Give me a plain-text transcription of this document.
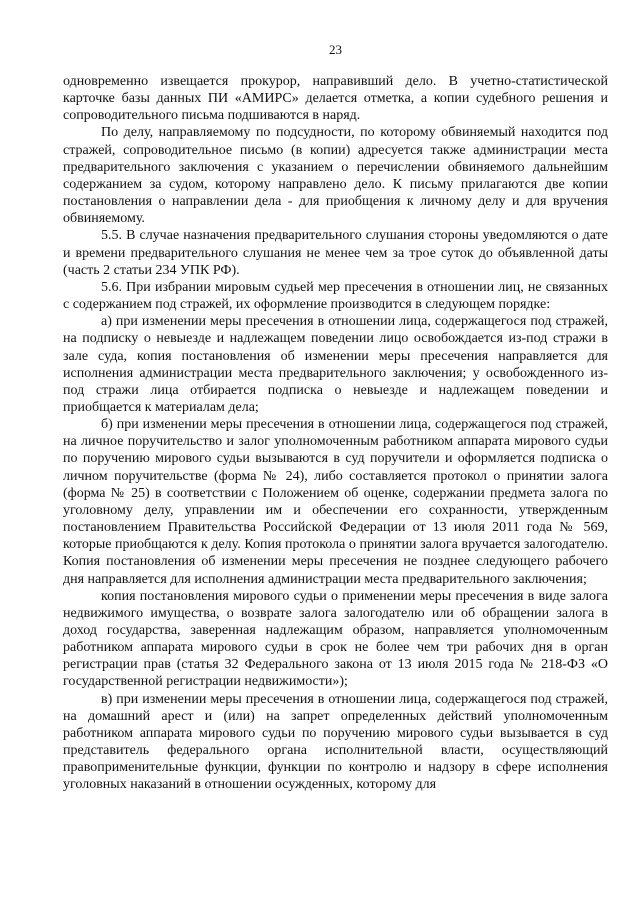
23

одновременно извещается прокурор, направивший дело. В учетно-статистической карточке базы данных ПИ «АМИРС» делается отметка, а копии судебного решения и сопроводительного письма подшиваются в наряд.

По делу, направляемому по подсудности, по которому обвиняемый находится под стражей, сопроводительное письмо (в копии) адресуется также администрации места предварительного заключения с указанием о перечислении обвиняемого дальнейшим содержанием за судом, которому направлено дело. К письму прилагаются две копии постановления о направлении дела - для приобщения к личному делу и для вручения обвиняемому.

5.5. В случае назначения предварительного слушания стороны уведомляются о дате и времени предварительного слушания не менее чем за трое суток до объявленной даты (часть 2 статьи 234 УПК РФ).

5.6. При избрании мировым судьей мер пресечения в отношении лиц, не связанных с содержанием под стражей, их оформление производится в следующем порядке:

а) при изменении меры пресечения в отношении лица, содержащегося под стражей, на подписку о невыезде и надлежащем поведении лицо освобождается из-под стражи в зале суда, копия постановления об изменении меры пресечения направляется для исполнения администрации места предварительного заключения; у освобожденного из-под стражи лица отбирается подписка о невыезде и надлежащем поведении и приобщается к материалам дела;

б) при изменении меры пресечения в отношении лица, содержащегося под стражей, на личное поручительство и залог уполномоченным работником аппарата мирового судьи по поручению мирового судьи вызываются в суд поручители и оформляется подписка о личном поручительстве (форма № 24), либо составляется протокол о принятии залога (форма № 25) в соответствии с Положением об оценке, содержании предмета залога по уголовному делу, управлении им и обеспечении его сохранности, утвержденным постановлением Правительства Российской Федерации от 13 июля 2011 года № 569, которые приобщаются к делу. Копия протокола о принятии залога вручается залогодателю. Копия постановления об изменении меры пресечения не позднее следующего рабочего дня направляется для исполнения администрации места предварительного заключения;

копия постановления мирового судьи о применении меры пресечения в виде залога недвижимого имущества, о возврате залога залогодателю или об обращении залога в доход государства, заверенная надлежащим образом, направляется уполномоченным работником аппарата мирового судьи в срок не более чем три рабочих дня в орган регистрации прав (статья 32 Федерального закона от 13 июля 2015 года № 218-ФЗ «О государственной регистрации недвижимости»);

в) при изменении меры пресечения в отношении лица, содержащегося под стражей, на домашний арест и (или) на запрет определенных действий уполномоченным работником аппарата мирового судьи по поручению мирового судьи вызывается в суд представитель федерального органа исполнительной власти, осуществляющий правоприменительные функции, функции по контролю и надзору в сфере исполнения уголовных наказаний в отношении осужденных, которому для
